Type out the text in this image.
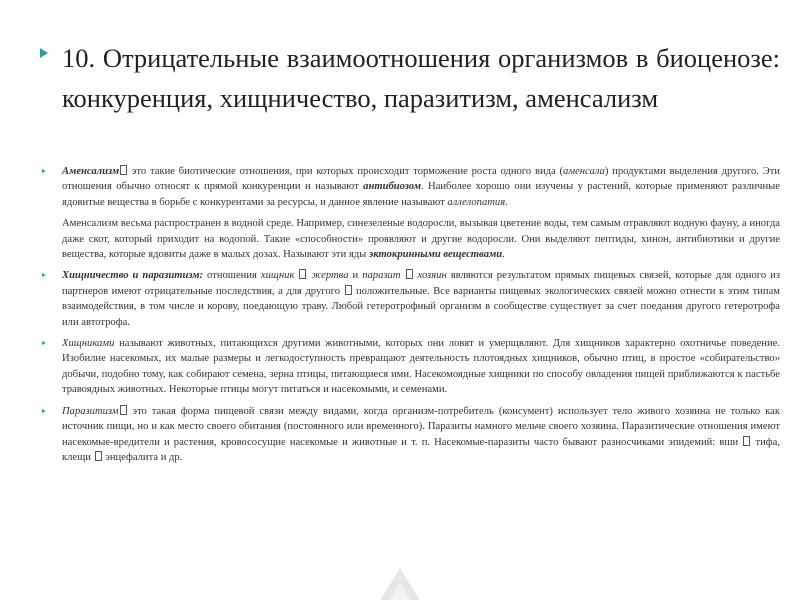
10. Отрицательные взаимоотношения организмов в биоценозе: конкуренция, хищничество, паразитизм, аменсализм
Аменсализм это такие биотические отношения, при которых происходит торможение роста одного вида (аменсала) продуктами выделения другого. Эти отношения обычно относят к прямой конкуренции и называют антибиозом. Наиболее хорошо они изучены у растений, которые применяют различные ядовитые вещества в борьбе с конкурентами за ресурсы, и данное явление называют аллелопатия.
Аменсализм весьма распространен в водной среде. Например, синезеленые водоросли, вызывая цветение воды, тем самым отравляют водную фауну, а иногда даже скот, который приходит на водопой. Такие «способности» проявляют и другие водоросли. Они выделяют пептиды, хинон, антибиотики и другие вещества, которые ядовиты даже в малых дозах. Называют эти яды эктокринными веществами.
Хищничество и паразитизм: отношения хищник  жертва и паразит  хозяин являются результатом прямых пищевых связей, которые для одного из партнеров имеют отрицательные последствия, а для другого  положительные. Все варианты пищевых экологических связей можно отнести к этим типам взаимодействия, в том числе и корову, поедающую траву. Любой гетеротрофный организм в сообществе существует за счет поедания другого гетеротрофа или автотрофа.
Хищниками называют животных, питающихся другими животными, которых они ловят и умерщвляют. Для хищников характерно охотничье поведение. Изобилие насекомых, их малые размеры и легкодоступность превращают деятельность плотоядных хищников, обычно птиц, в простое «собирательство» добычи, подобно тому, как собирают семена, зерна птицы, питающиеся ими. Насекомоядные хищники по способу овладения пищей приближаются к пастьбе травоядных животных. Некоторые птицы могут питаться и насекомыми, и семенами.
Паразитизм это такая форма пищевой связи между видами, когда организм-потребитель (консумент) использует тело живого хозяина не только как источник пищи, но и как место своего обитания (постоянного или временного). Паразиты намного мельче своего хозяина. Паразитические отношения имеют насекомые-вредители и растения, кровососущие насекомые и животные и т. п. Насекомые-паразиты часто бывают разносчиками эпидемий: вши  тифа, клещи  энцефалита и др.
